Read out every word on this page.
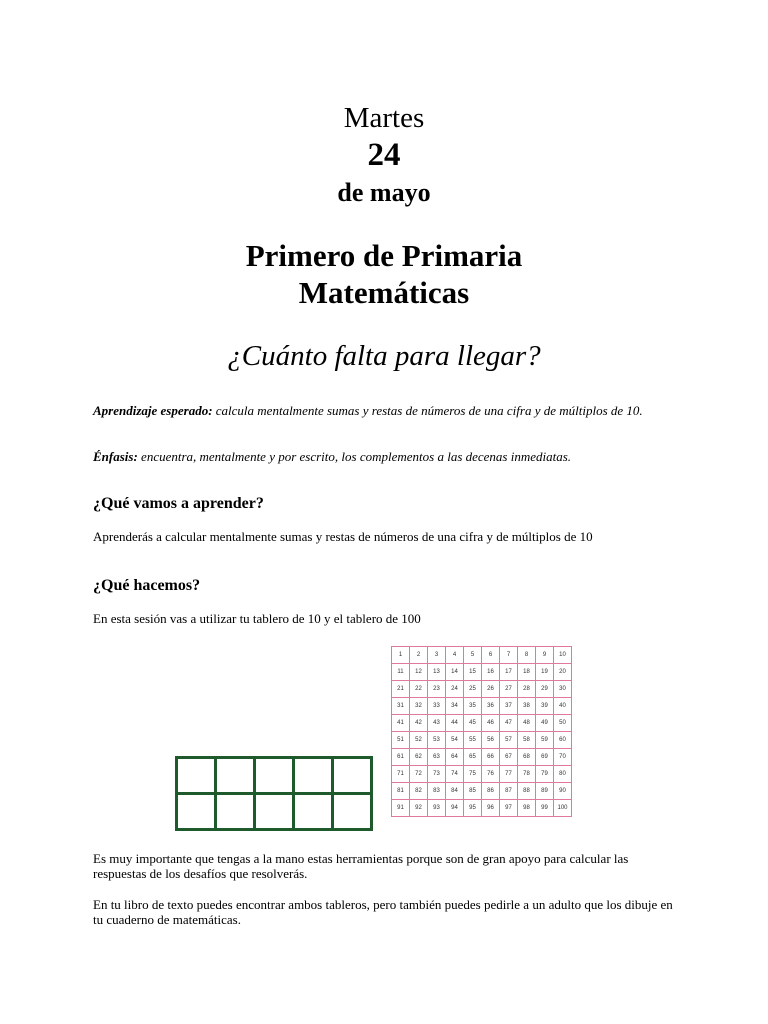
Martes
24
de mayo
Primero de Primaria
Matemáticas
¿Cuánto falta para llegar?
Aprendizaje esperado: calcula mentalmente sumas y restas de números de una cifra y de múltiplos de 10.
Énfasis: encuentra, mentalmente y por escrito, los complementos a las decenas inmediatas.
¿Qué vamos a aprender?
Aprenderás a calcular mentalmente sumas y restas de números de una cifra y de múltiplos de 10
¿Qué hacemos?
En esta sesión vas a utilizar tu tablero de 10 y el tablero de 100

1	2	3	4	5	6	7	8	9	10
11	12	13	14	15	16	17	18	19	20
21	22	23	24	25	26	27	28	29	30
31	32	33	34	35	36	37	38	39	40
41	42	43	44	45	46	47	48	49	50
51	52	53	54	55	56	57	58	59	60
61	62	63	64	65	66	67	68	69	70
71	72	73	74	75	76	77	78	79	80
81	82	83	84	85	86	87	88	89	90
91	92	93	94	95	96	97	98	99	100
Es muy importante que tengas a la mano estas herramientas porque son de gran apoyo para calcular las respuestas de los desafíos que resolverás.
En tu libro de texto puedes encontrar ambos tableros, pero también puedes pedirle a un adulto que los dibuje en tu cuaderno de matemáticas.
